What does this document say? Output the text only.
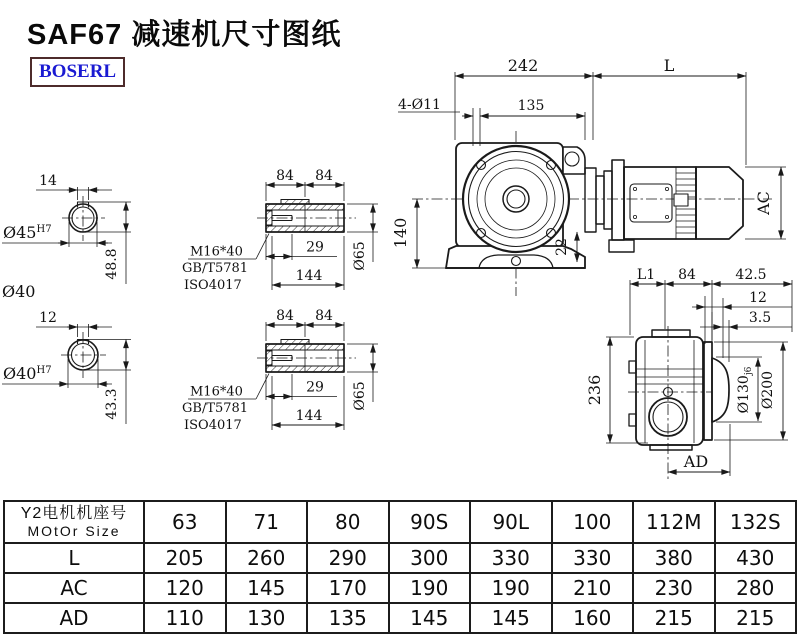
SAF67 减速机尺寸图纸
BOSERL
14
$Ø45^{H7}$
48.8
Ø40
12
$Ø40^{H7}$
43.3
242	L
135
4-Ø11
140	22
AC
L1 84	42.5
12
3.5
236	$Ø130_{j6}$ Ø200
AD
Y2电机机座号
MOtOr Size	63	71	80	90S	90L	100	112M	132S
L	205	260	290	300	330	330	380	430
AC	120	145	170	190	190	210	230	280
AD	110	130	135	145	145	160	215	215
